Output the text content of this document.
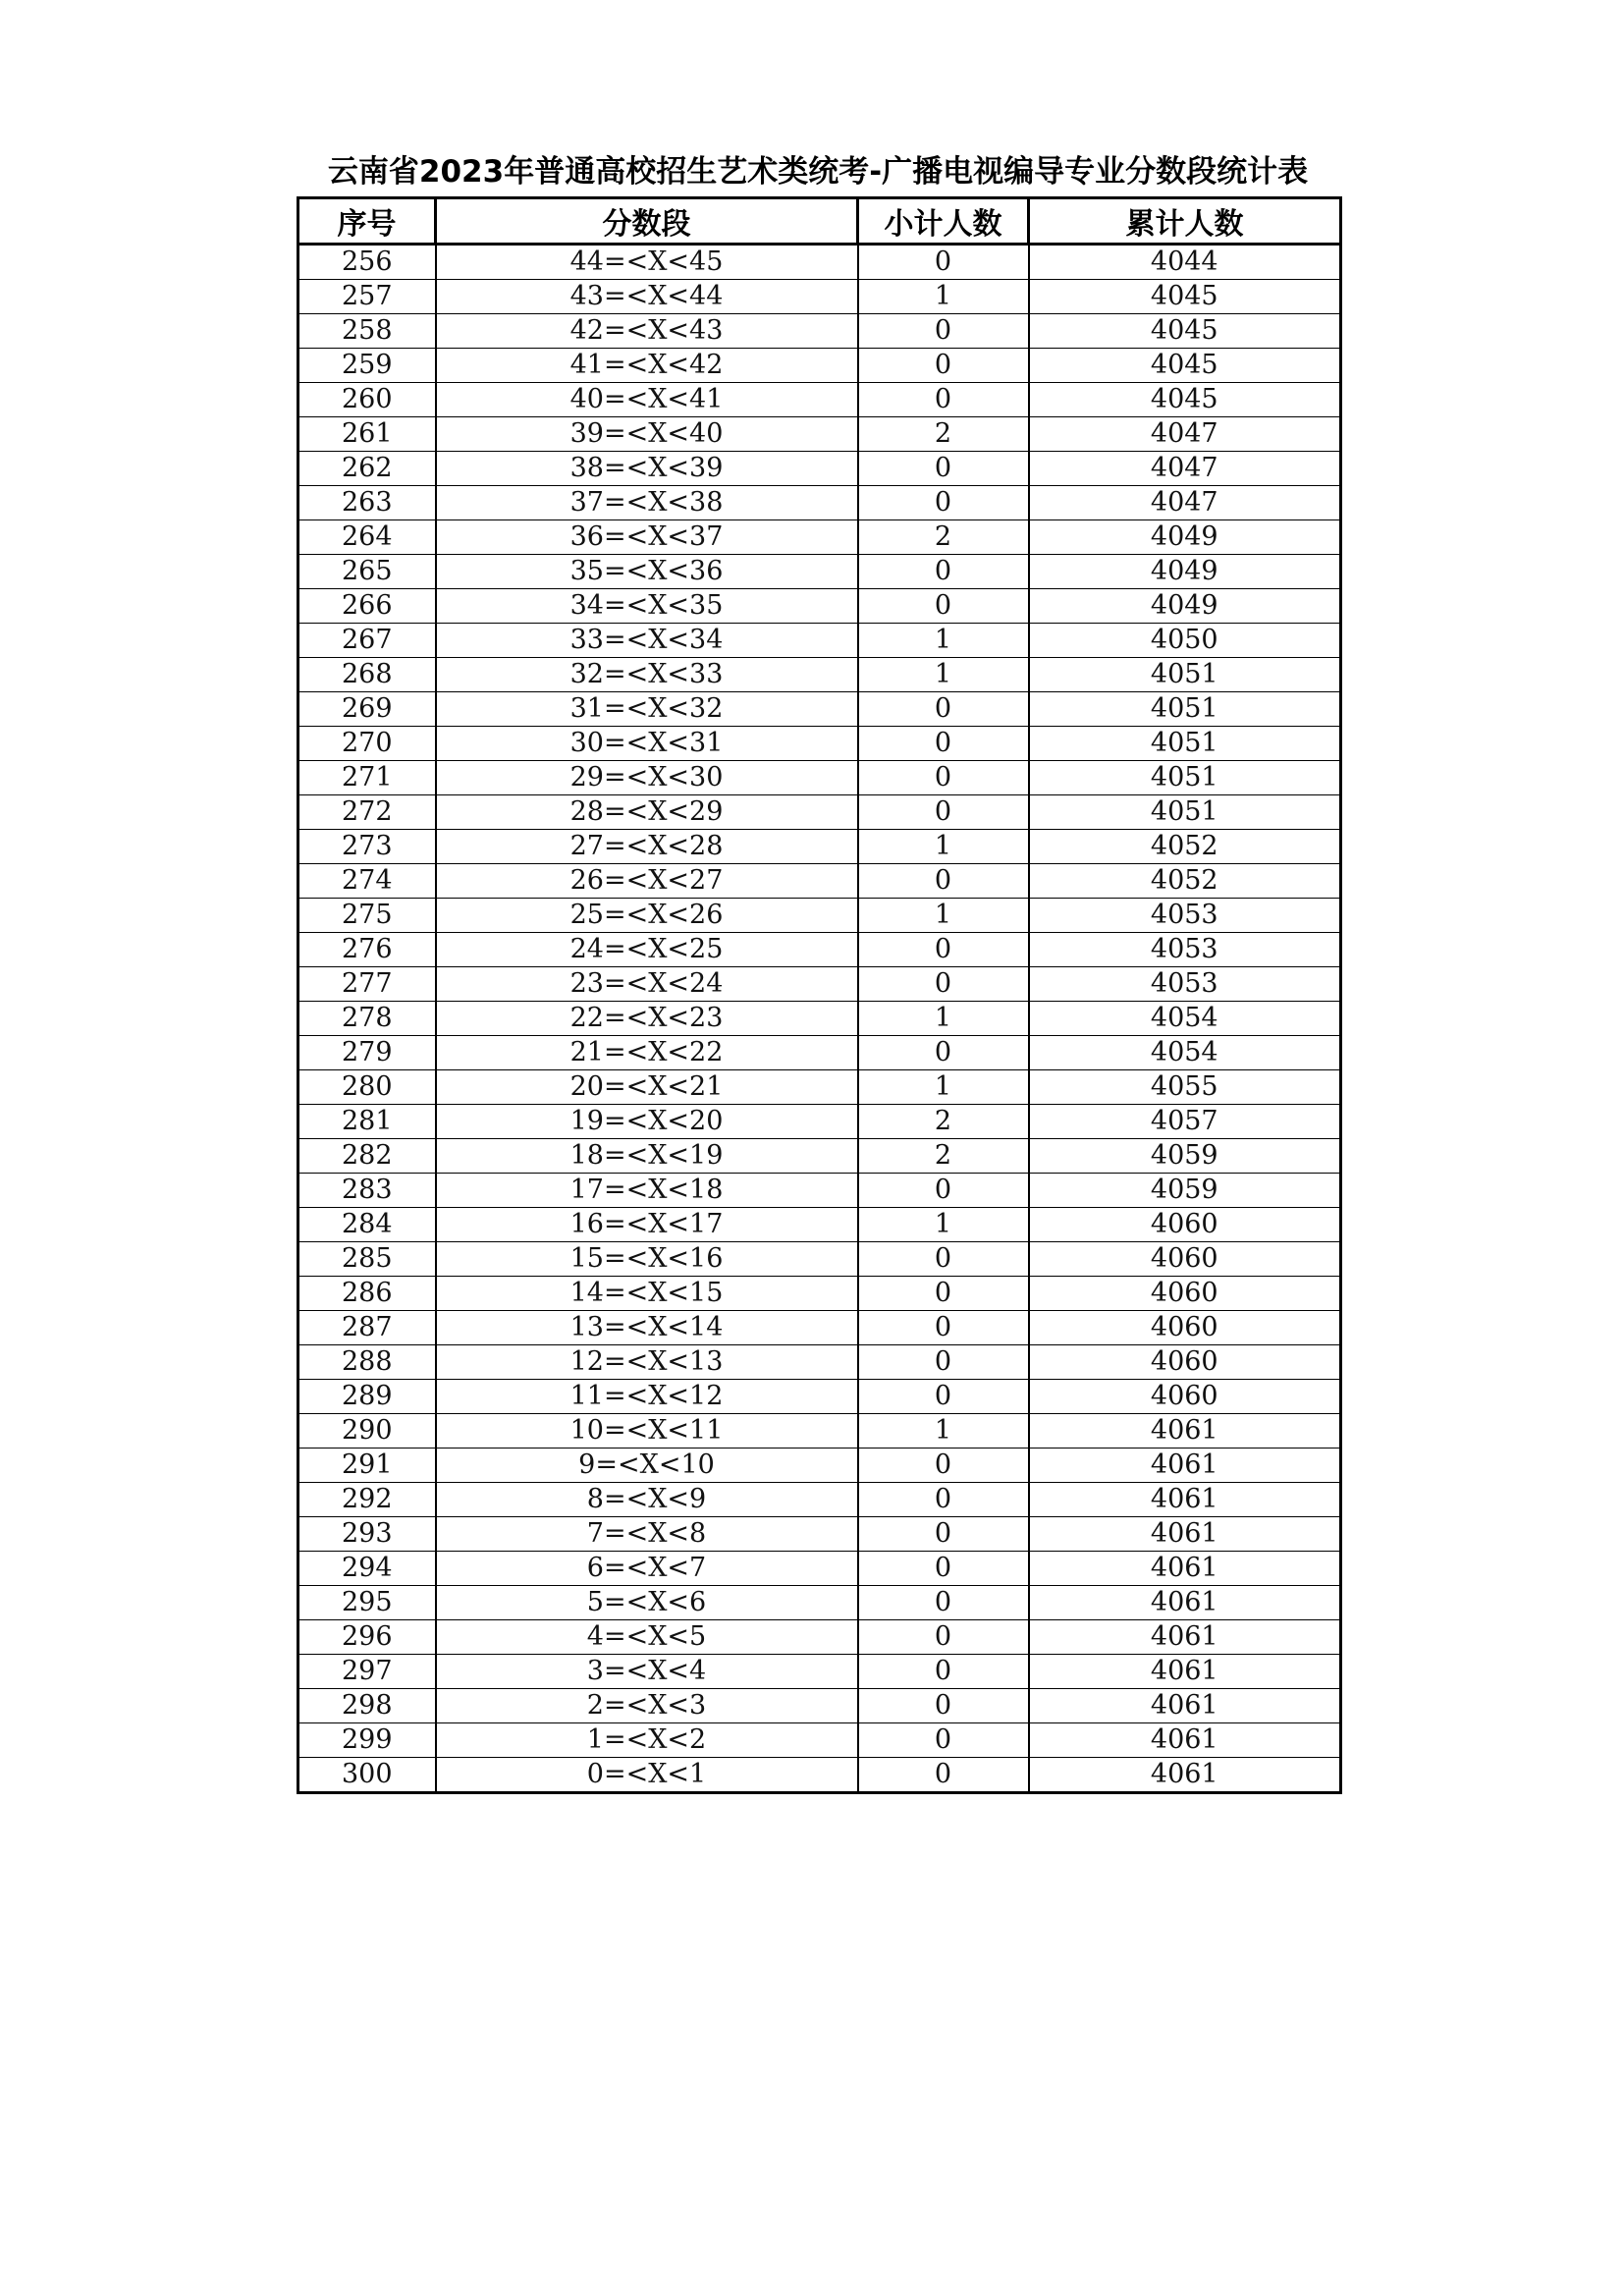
云南省2023年普通高校招生艺术类统考-广播电视编导专业分数段统计表
序号	分数段	小计人数	累计人数
256	44=<X<45	0	4044
257	43=<X<44	1	4045
258	42=<X<43	0	4045
259	41=<X<42	0	4045
260	40=<X<41	0	4045
261	39=<X<40	2	4047
262	38=<X<39	0	4047
263	37=<X<38	0	4047
264	36=<X<37	2	4049
265	35=<X<36	0	4049
266	34=<X<35	0	4049
267	33=<X<34	1	4050
268	32=<X<33	1	4051
269	31=<X<32	0	4051
270	30=<X<31	0	4051
271	29=<X<30	0	4051
272	28=<X<29	0	4051
273	27=<X<28	1	4052
274	26=<X<27	0	4052
275	25=<X<26	1	4053
276	24=<X<25	0	4053
277	23=<X<24	0	4053
278	22=<X<23	1	4054
279	21=<X<22	0	4054
280	20=<X<21	1	4055
281	19=<X<20	2	4057
282	18=<X<19	2	4059
283	17=<X<18	0	4059
284	16=<X<17	1	4060
285	15=<X<16	0	4060
286	14=<X<15	0	4060
287	13=<X<14	0	4060
288	12=<X<13	0	4060
289	11=<X<12	0	4060
290	10=<X<11	1	4061
291	9=<X<10	0	4061
292	8=<X<9	0	4061
293	7=<X<8	0	4061
294	6=<X<7	0	4061
295	5=<X<6	0	4061
296	4=<X<5	0	4061
297	3=<X<4	0	4061
298	2=<X<3	0	4061
299	1=<X<2	0	4061
300	0=<X<1	0	4061
